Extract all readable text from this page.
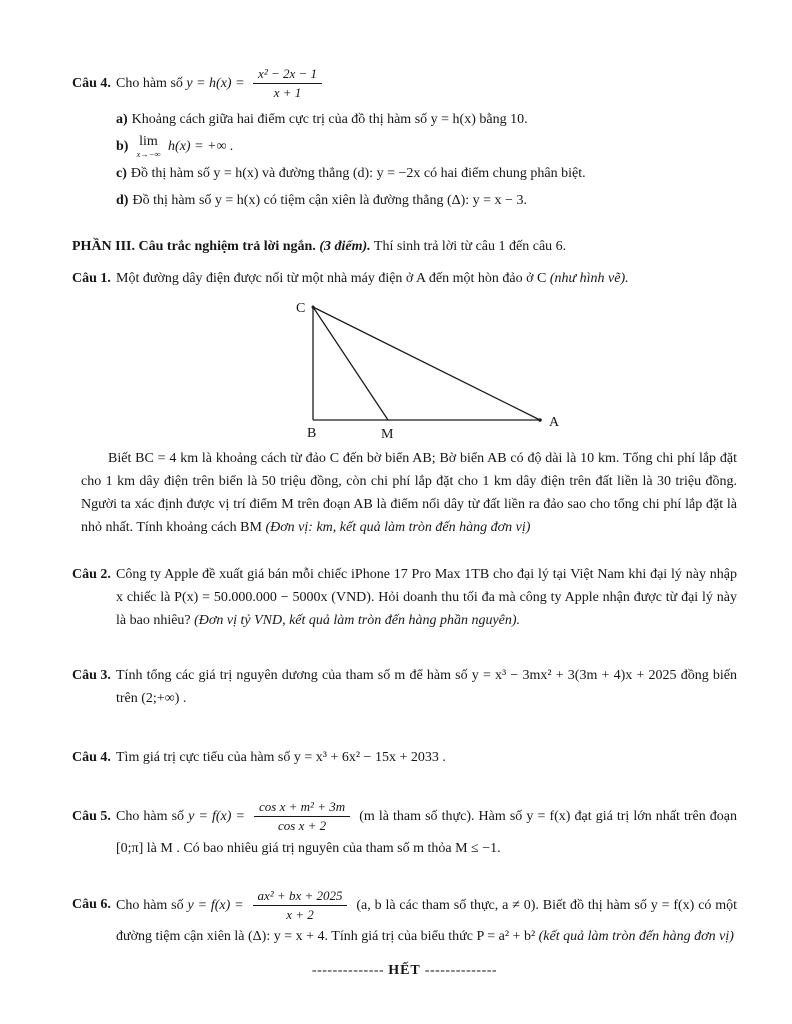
Câu 4. Cho hàm số $y = h(x) = \frac{\text{x² − 2x − 1}}{x + 1}$
a) Khoảng cách giữa hai điểm cực trị của đồ thị hàm số y = h(x) bằng 10.
b) lim
x→−∞
h(x) = +∞ .
c) Đồ thị hàm số y = h(x) và đường thẳng (d): y = −2x có hai điểm chung phân biệt.
d) Đồ thị hàm số y = h(x) có tiệm cận xiên là đường thẳng (Δ): y = x − 3.
PHẦN III. Câu trắc nghiệm trả lời ngắn. (3 điểm). Thí sinh trả lời từ câu 1 đến câu 6.
Câu 1. Một đường dây điện được nối từ một nhà máy điện ở A đến một hòn đảo ở C (như hình vẽ).
C
B	M
A
Biết BC = 4 km là khoảng cách từ đảo C đến bờ biển AB; Bờ biển AB có độ dài là 10 km. Tổng chi phí lắp đặt cho 1 km dây điện trên biển là 50 triệu đồng, còn chi phí lắp đặt cho 1 km dây điện trên đất liền là 30 triệu đồng. Người ta xác định được vị trí điểm M trên đoạn AB là điểm nối dây từ đất liền ra đảo sao cho tổng chi phí lắp đặt là nhỏ nhất. Tính khoảng cách BM (Đơn vị: km, kết quả làm tròn đến hàng đơn vị)
Câu 2. Công ty Apple đề xuất giá bán mỗi chiếc iPhone 17 Pro Max 1TB cho đại lý tại Việt Nam khi đại lý này nhập x chiếc là P(x) = 50.000.000 − 5000x (VND). Hỏi doanh thu tối đa mà công ty Apple nhận được từ đại lý này là bao nhiêu? (Đơn vị tỷ VND, kết quả làm tròn đến hàng phần nguyên).
Câu 3. Tính tổng các giá trị nguyên dương của tham số m để hàm số y = x³ − 3mx² + 3(3m + 4)x + 2025 đồng biến trên (2;+∞) .
Câu 4. Tìm giá trị cực tiểu của hàm số y = x³ + 6x² − 15x + 2033 .
Câu 5. Cho hàm số $y = f(x) = \frac{\text{cos x + m² + 3m}}{\text{cos x + 2}} (m$ là tham số thực). Hàm số y = f(x) đạt giá trị lớn nhất trên đoạn [0;π] là M . Có bao nhiêu giá trị nguyên của tham số m thỏa M ≤ −1.
Câu 6. Cho hàm số $y = f(x) = \frac{\text{ax² + bx + 2025}}{x + 2} (a$, b là các tham số thực, a ≠ 0). Biết đồ thị hàm số y = f(x) có một đường tiệm cận xiên là (Δ): y = x + 4. Tính giá trị của biểu thức P = a² + b² (kết quả làm tròn đến hàng đơn vị)
-------------- HẾT --------------
